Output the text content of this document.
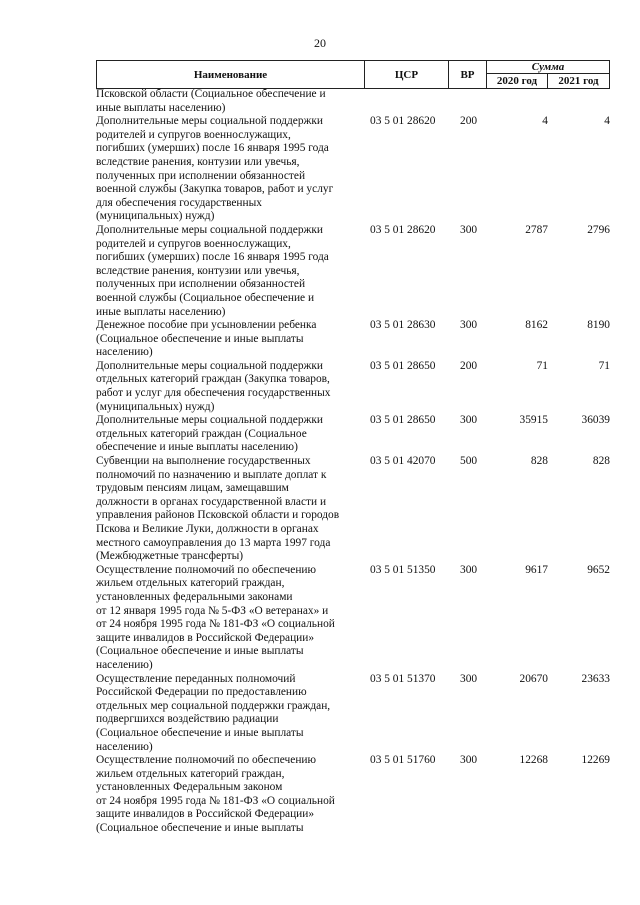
20
Наименование	ЦСР	ВР
Сумма
2020 год	2021 год
Псковской области (Социальное обеспечение и
иные выплаты населению)
Дополнительные меры социальной поддержки
родителей и супругов военнослужащих,
погибших (умерших) после 16 января 1995 года
вследствие ранения, контузии или увечья,
полученных при исполнении обязанностей
военной службы (Закупка товаров, работ и услуг
для обеспечения государственных
(муниципальных) нужд)
03 5 01 28620	200	4	4
Дополнительные меры социальной поддержки
родителей и супругов военнослужащих,
погибших (умерших) после 16 января 1995 года
вследствие ранения, контузии или увечья,
полученных при исполнении обязанностей
военной службы (Социальное обеспечение и
иные выплаты населению)
03 5 01 28620	300	2787	2796
Денежное пособие при усыновлении ребенка
(Социальное обеспечение и иные выплаты
населению)
03 5 01 28630	300	8162	8190
Дополнительные меры социальной поддержки
отдельных категорий граждан (Закупка товаров,
работ и услуг для обеспечения государственных
(муниципальных) нужд)
03 5 01 28650	200	71	71
Дополнительные меры социальной поддержки
отдельных категорий граждан (Социальное
обеспечение и иные выплаты населению)
03 5 01 28650	300	35915	36039
Субвенции на выполнение государственных
полномочий по назначению и выплате доплат к
трудовым пенсиям лицам, замещавшим
должности в органах государственной власти и
управления районов Псковской области и городов
Пскова и Великие Луки, должности в органах
местного самоуправления до 13 марта 1997 года
(Межбюджетные трансферты)
03 5 01 42070	500	828	828
Осуществление полномочий по обеспечению
жильем отдельных категорий граждан,
установленных федеральными законами
от 12 января 1995 года № 5-ФЗ «О ветеранах» и
от 24 ноября 1995 года № 181-ФЗ «О социальной
защите инвалидов в Российской Федерации»
(Социальное обеспечение и иные выплаты
населению)
03 5 01 51350	300	9617	9652
Осуществление переданных полномочий
Российской Федерации по предоставлению
отдельных мер социальной поддержки граждан,
подвергшихся воздействию радиации
(Социальное обеспечение и иные выплаты
населению)
03 5 01 51370	300	20670	23633
Осуществление полномочий по обеспечению
жильем отдельных категорий граждан,
установленных Федеральным законом
от 24 ноября 1995 года № 181-ФЗ «О социальной
защите инвалидов в Российской Федерации»
(Социальное обеспечение и иные выплаты
03 5 01 51760	300	12268	12269
